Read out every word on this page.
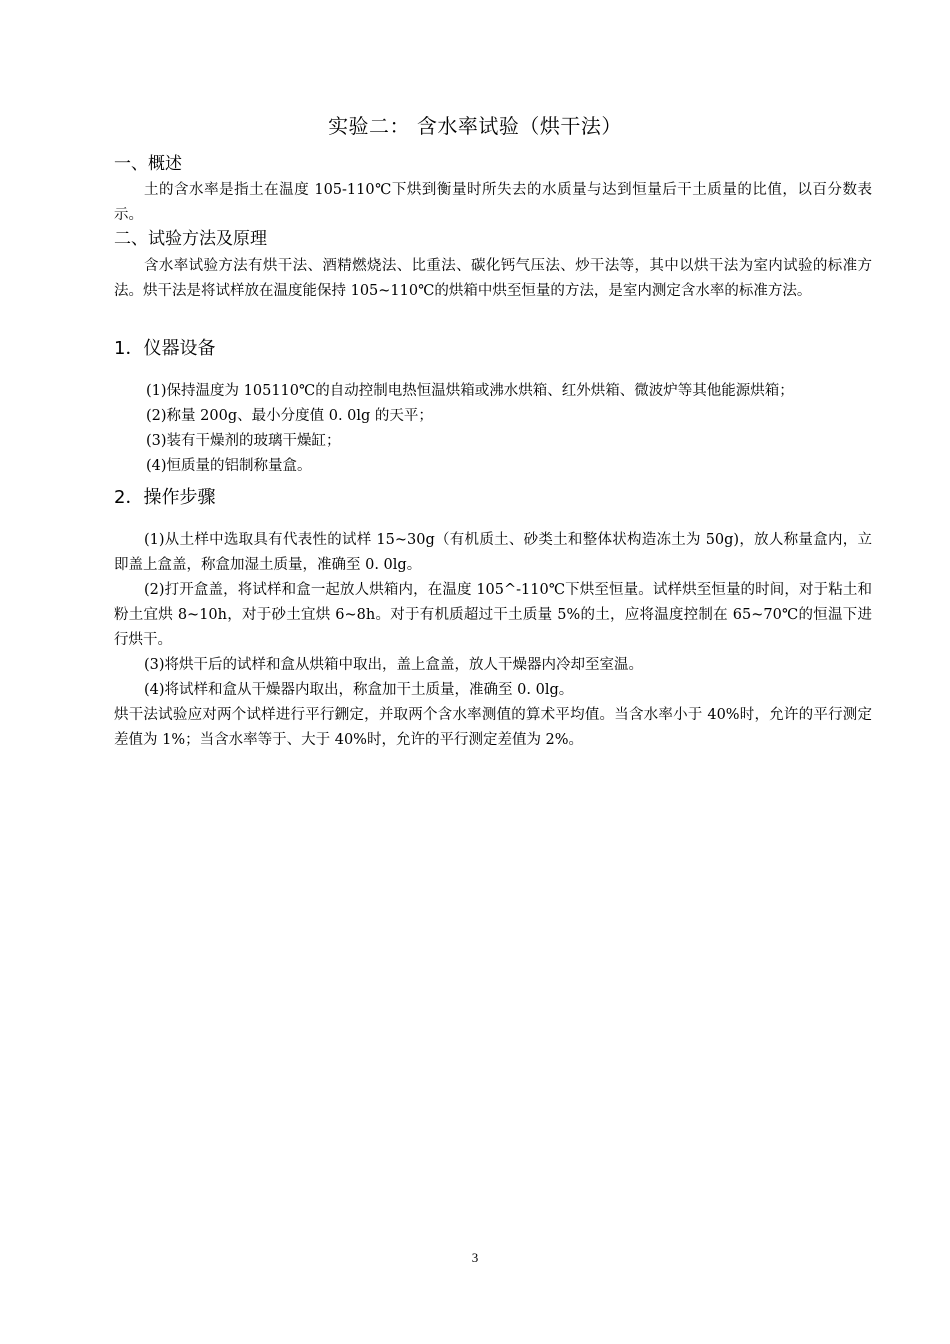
实验二： 含水率试验（烘干法）
一、概述
土的含水率是指土在温度 105-110℃下烘到衡量时所失去的水质量与达到恒量后干土质量的比值，以百分数表示。
二、试验方法及原理
含水率试验方法有烘干法、酒精燃烧法、比重法、碳化钙气压法、炒干法等，其中以烘干法为室内试验的标准方法。烘干法是将试样放在温度能保持 105~110℃的烘箱中烘至恒量的方法，是室内测定含水率的标准方法。
1．仪器设备
(1)保持温度为 105110℃的自动控制电热恒温烘箱或沸水烘箱、红外烘箱、微波炉等其他能源烘箱；
(2)称量 200g、最小分度值 0. 0lg 的天平；
(3)装有干燥剂的玻璃干燥缸；
(4)恒质量的铝制称量盒。
2．操作步骤
(1)从土样中选取具有代表性的试样 15~30g（有机质土、砂类土和整体状构造冻土为 50g)，放人称量盒内，立即盖上盒盖，称盒加湿土质量，准确至 0. 0lg。
(2)打开盒盖，将试样和盒一起放人烘箱内，在温度 105^-110℃下烘至恒量。试样烘至恒量的时间，对于粘土和粉土宜烘 8~10h，对于砂土宜烘 6~8h。对于有机质超过干土质量 5%的土，应将温度控制在 65~70℃的恒温下进行烘干。
(3)将烘干后的试样和盒从烘箱中取出，盖上盒盖，放人干燥器内冷却至室温。
(4)将试样和盒从干燥器内取出，称盒加干土质量，准确至 0. 0lg。
烘干法试验应对两个试样进行平行鉶定，并取两个含水率测值的算术平均值。当含水率小于 40%时，允许的平行测定差值为 1%；当含水率等于、大于 40%时，允许的平行测定差值为 2%。
3
